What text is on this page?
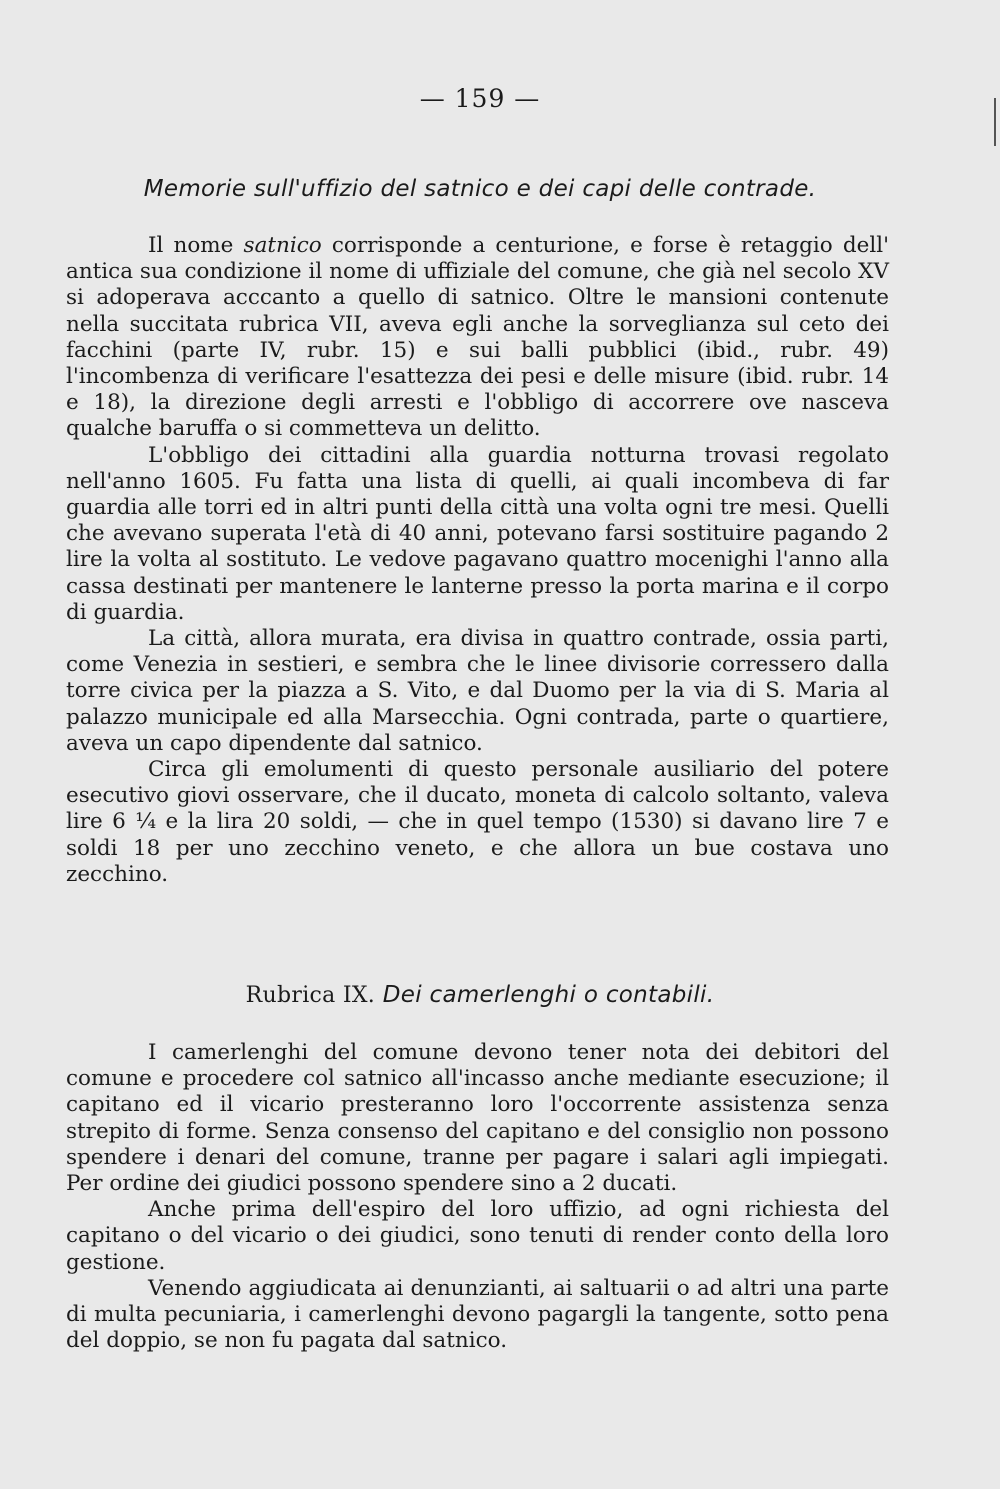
— 159 —
Memorie sull'uffizio del satnico e dei capi delle contrade.

Il nome satnico corrisponde a centurione, e forse è retaggio dell' antica sua condizione il nome di uffiziale del comune, che già nel secolo XV si adoperava acccanto a quello di satnico. Oltre le mansioni contenute nella succitata rubrica VII, aveva egli anche la sorveglianza sul ceto dei facchini (parte IV, rubr. 15) e sui balli pubblici (ibid., rubr. 49) l'incombenza di verificare l'esattezza dei pesi e delle misure (ibid. rubr. 14 e 18), la direzione degli arresti e l'obbligo di accorrere ove nasceva qualche baruffa o si commetteva un delitto.

L'obbligo dei cittadini alla guardia notturna trovasi regolato nell'anno 1605. Fu fatta una lista di quelli, ai quali incombeva di far guardia alle torri ed in altri punti della città una volta ogni tre mesi. Quelli che avevano superata l'età di 40 anni, potevano farsi sostituire pagando 2 lire la volta al sostituto. Le vedove pagavano quattro mocenighi l'anno alla cassa destinati per mantenere le lanterne presso la porta marina e il corpo di guardia.

La città, allora murata, era divisa in quattro contrade, ossia parti, come Venezia in sestieri, e sembra che le linee divisorie corressero dalla torre civica per la piazza a S. Vito, e dal Duomo per la via di S. Maria al palazzo municipale ed alla Marsecchia. Ogni contrada, parte o quartiere, aveva un capo dipendente dal satnico.

Circa gli emolumenti di questo personale ausiliario del potere esecutivo giovi osservare, che il ducato, moneta di calcolo soltanto, valeva lire 6 ¼ e la lira 20 soldi, — che in quel tempo (1530) si davano lire 7 e soldi 18 per uno zecchino veneto, e che allora un bue costava uno zecchino.

Rubrica IX. Dei camerlenghi o contabili.

I camerlenghi del comune devono tener nota dei debitori del comune e procedere col satnico all'incasso anche mediante esecuzione; il capitano ed il vicario presteranno loro l'occorrente assistenza senza strepito di forme. Senza consenso del capitano e del consiglio non possono spendere i denari del comune, tranne per pagare i salari agli impiegati. Per ordine dei giudici possono spendere sino a 2 ducati.

Anche prima dell'espiro del loro uffizio, ad ogni richiesta del capitano o del vicario o dei giudici, sono tenuti di render conto della loro gestione.

Venendo aggiudicata ai denunzianti, ai saltuarii o ad altri una parte di multa pecuniaria, i camerlenghi devono pagargli la tangente, sotto pena del doppio, se non fu pagata dal satnico.
